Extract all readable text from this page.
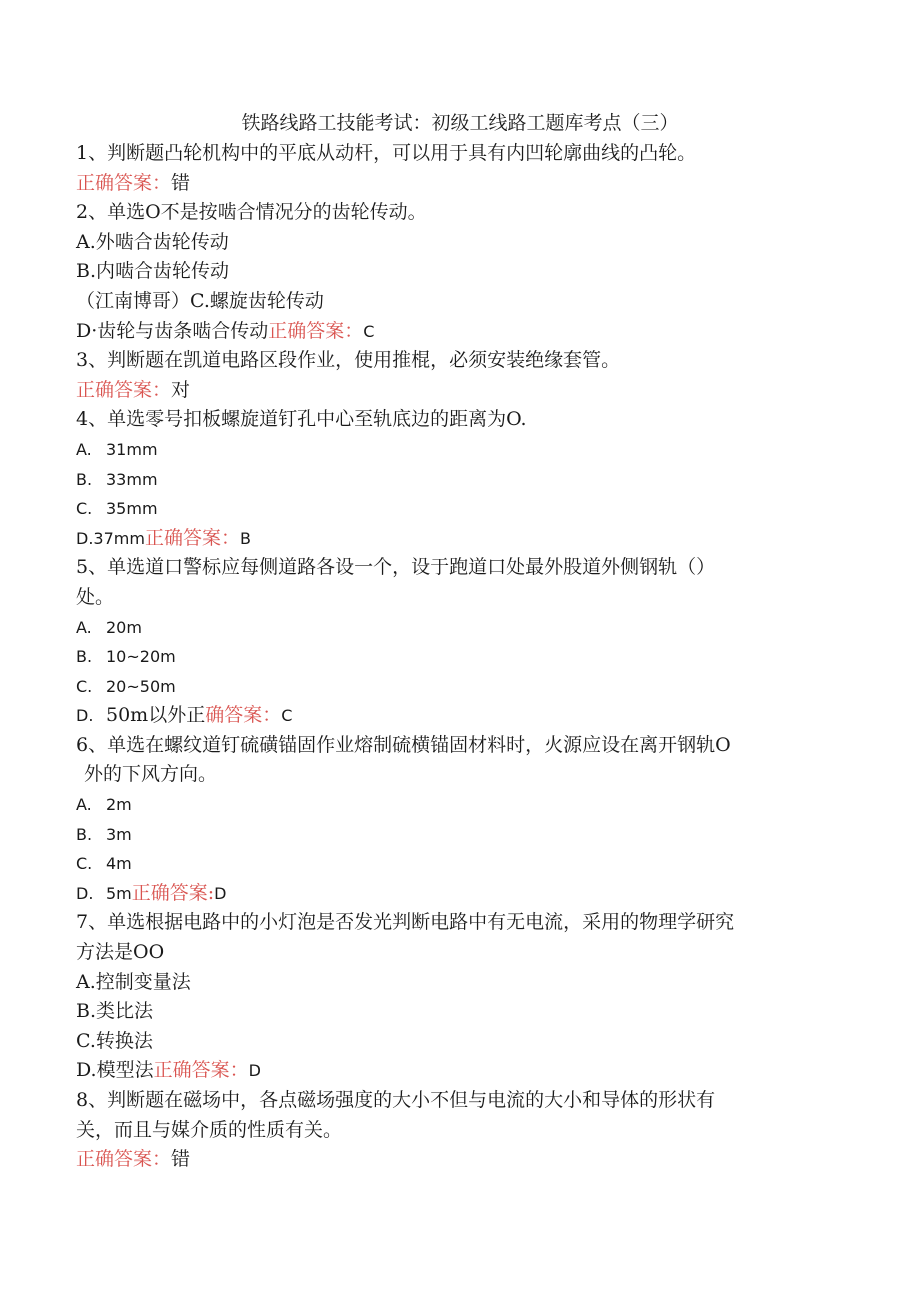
铁路线路工技能考试：初级工线路工题库考点（三）
1、判断题凸轮机构中的平底从动杆，可以用于具有内凹轮廓曲线的凸轮。
正确答案：错
2、单选O不是按啮合情况分的齿轮传动。
A.外啮合齿轮传动
B.内啮合齿轮传动
（江南博哥）C.螺旋齿轮传动
D·齿轮与齿条啮合传动正确答案：C
3、判断题在凯道电路区段作业，使用推棍，必须安装绝缘套管。
正确答案：对
4、单选零号扣板螺旋道钉孔中心至轨底边的距离为O.
A. 31mm
B. 33mm
C. 35mm
D.37mm正确答案：B
5、单选道口警标应每侧道路各设一个，设于跑道口处最外股道外侧钢轨（）
处。
A. 20m
B. 10~20m
C. 20~50m
D. 50m以外正确答案：C
6、单选在螺纹道钉硫磺锚固作业熔制硫横锚固材料时，火源应设在离开钢轨O
外的下风方向。
A. 2m
B. 3m
C. 4m
D. 5m正确答案:D
7、单选根据电路中的小灯泡是否发光判断电路中有无电流，采用的物理学研究
方法是OO
A.控制变量法
B.类比法
C.转换法
D.模型法正确答案：D
8、判断题在磁场中，各点磁场强度的大小不但与电流的大小和导体的形状有
关，而且与媒介质的性质有关。
正确答案：错
